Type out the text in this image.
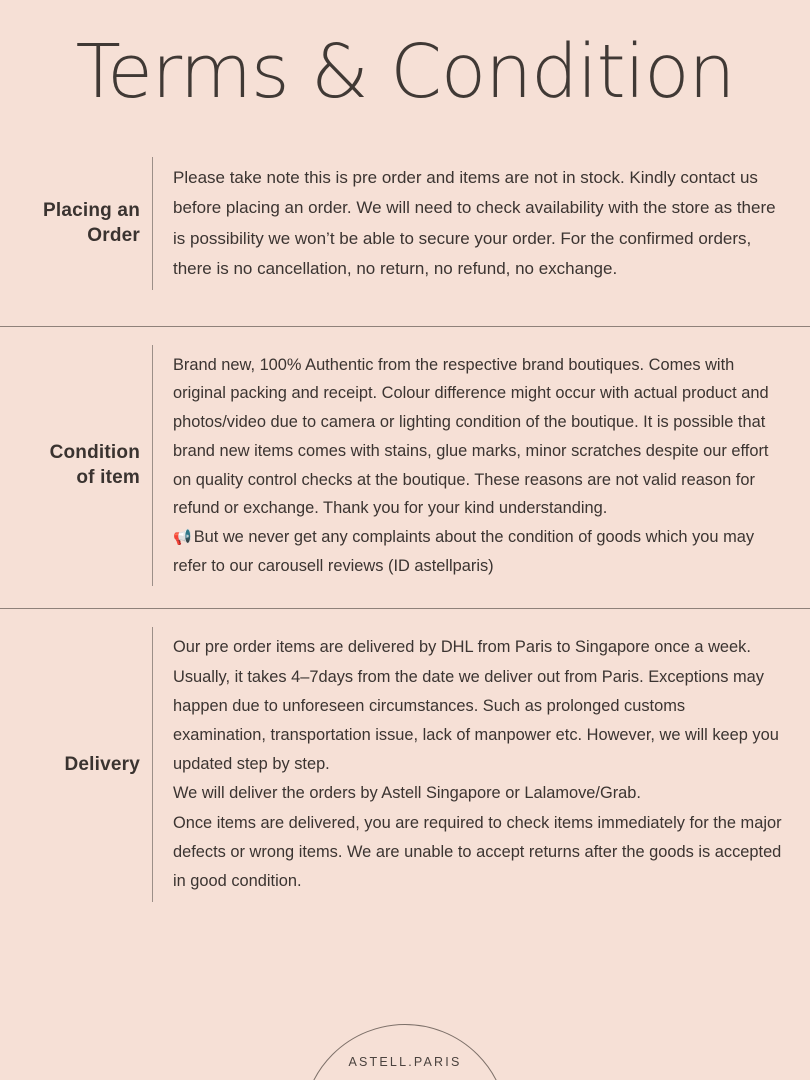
Terms & Condition
Placing an Order

Please take note this is pre order and items are not in stock. Kindly contact us before placing an order. We will need to check availability with the store as there is possibility we won’t be able to secure your order. For the confirmed orders, there is no cancellation, no return, no refund, no exchange.

Condition of item

Brand new, 100% Authentic from the respective brand boutiques. Comes with original packing and receipt. Colour difference might occur with actual product and photos/video due to camera or lighting condition of the boutique. It is possible that brand new items comes with stains, glue marks, minor scratches despite our effort on quality control checks at the boutique. These reasons are not valid reason for refund or exchange. Thank you for your kind understanding.

📢 But we never get any complaints about the condition of goods which you may refer to our carousell reviews (ID astellparis)

Delivery

Our pre order items are delivered by DHL from Paris to Singapore once a week. Usually, it takes 4–7days from the date we deliver out from Paris. Exceptions may happen due to unforeseen circumstances. Such as prolonged customs examination, transportation issue, lack of manpower etc. However, we will keep you updated step by step.

We will deliver the orders by Astell Singapore or Lalamove/Grab.

Once items are delivered, you are required to check items immediately for the major defects or wrong items. We are unable to accept returns after the goods is accepted in good condition.

ASTELL.PARIS
